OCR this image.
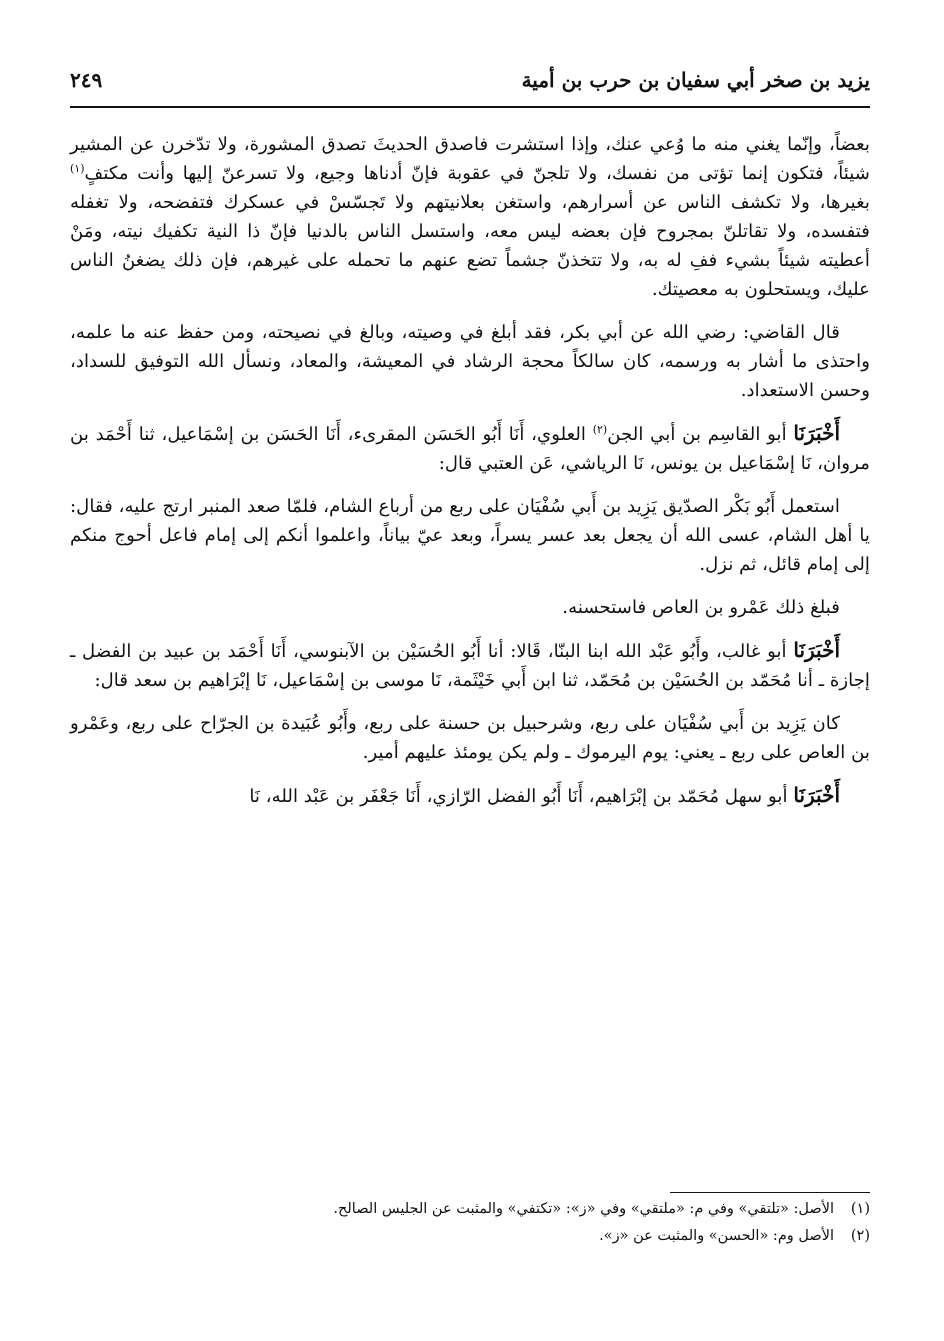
يزيد بن صخر أبي سفيان بن حرب بن أمية
٢٤٩

بعضاً، وإنّما يغني منه ما وُعي عنك، وإذا استشرت فاصدق الحديثَ تصدق المشورة، ولا تدّخرن عن المشير شيئاً، فتكون إنما تؤتى من نفسك، ولا تلجنّ في عقوبة فإنّ أدناها وجيع، ولا تسرعنّ إليها وأنت مكتفٍ$^{(١)}$ بغيرها، ولا تكشف الناس عن أسرارهم، واستغن بعلانيتهم ولا تَجسّسْ في عسكرك فتفضحه، ولا تغفله فتفسده، ولا تقاتلنّ بمجروح فإن بعضه ليس معه، واستسل الناس بالدنيا فإنّ ذا النية تكفيك نيته، ومَنْ أعطيته شيئاً بشيء ففِ له به، ولا تتخذنّ جشماً تضع عنهم ما تحمله على غيرهم، فإن ذلك يضغنُ الناس عليك، ويستحلون به معصيتك.

قال القاضي: رضي الله عن أبي بكر، فقد أبلغ في وصيته، وبالغ في نصيحته، ومن حفظ عنه ما علمه، واحتذى ما أشار به ورسمه، كان سالكاً محجة الرشاد في المعيشة، والمعاد، ونسأل الله التوفيق للسداد، وحسن الاستعداد.

أَخْبَرَنَا أبو القاسِم بن أبي الجن$^{(٢)}$ العلوي، أَنَا أَبُو الحَسَن المقرىء، أَنَا الحَسَن بن إسْمَاعيل، ثنا أَحْمَد بن مروان، نَا إسْمَاعيل بن يونس، نَا الرياشي، عَن العتبي قال:

استعمل أَبُو بَكْر الصدّيق يَزِيد بن أَبي سُفْيَان على ربع من أرباع الشام، فلمّا صعد المنبر ارتج عليه، فقال: يا أهل الشام، عسى الله أن يجعل بعد عسر يسراً، وبعد عيّ بياناً، واعلموا أنكم إلى إمام فاعل أحوج منكم إلى إمام قائل، ثم نزل.

فبلغ ذلك عَمْرو بن العاص فاستحسنه.

أَخْبَرَنَا أبو غالب، وأَبُو عَبْد الله ابنا البنّا، قَالا: أنا أَبُو الحُسَيْن بن الآبنوسي، أَنَا أَحْمَد بن عبيد بن الفضل ـ إجازة ـ أنا مُحَمّد بن الحُسَيْن بن مُحَمّد، ثنا ابن أَبي خَيْثَمة، نَا موسى بن إسْمَاعيل، نَا إبْرَاهيم بن سعد قال:

كان يَزِيد بن أَبي سُفْيَان على ربع، وشرحبيل بن حسنة على ربع، وأَبُو عُبَيدة بن الجرّاح على ربع، وعَمْرو بن العاص على ربع ـ يعني: يوم اليرموك ـ ولم يكن يومئذ عليهم أمير.

أَخْبَرَنَا أبو سهل مُحَمّد بن إبْرَاهيم، أَنَا أَبُو الفضل الرّازي، أَنَا جَعْفَر بن عَبْد الله، نَا

(١)
الأصل: «تلتقي» وفي م: «ملتقي» وفي «ز»: «تكتفي» والمثبت عن الجليس الصالح.
(٢)
الأصل وم: «الحسن» والمثبت عن «ز».
